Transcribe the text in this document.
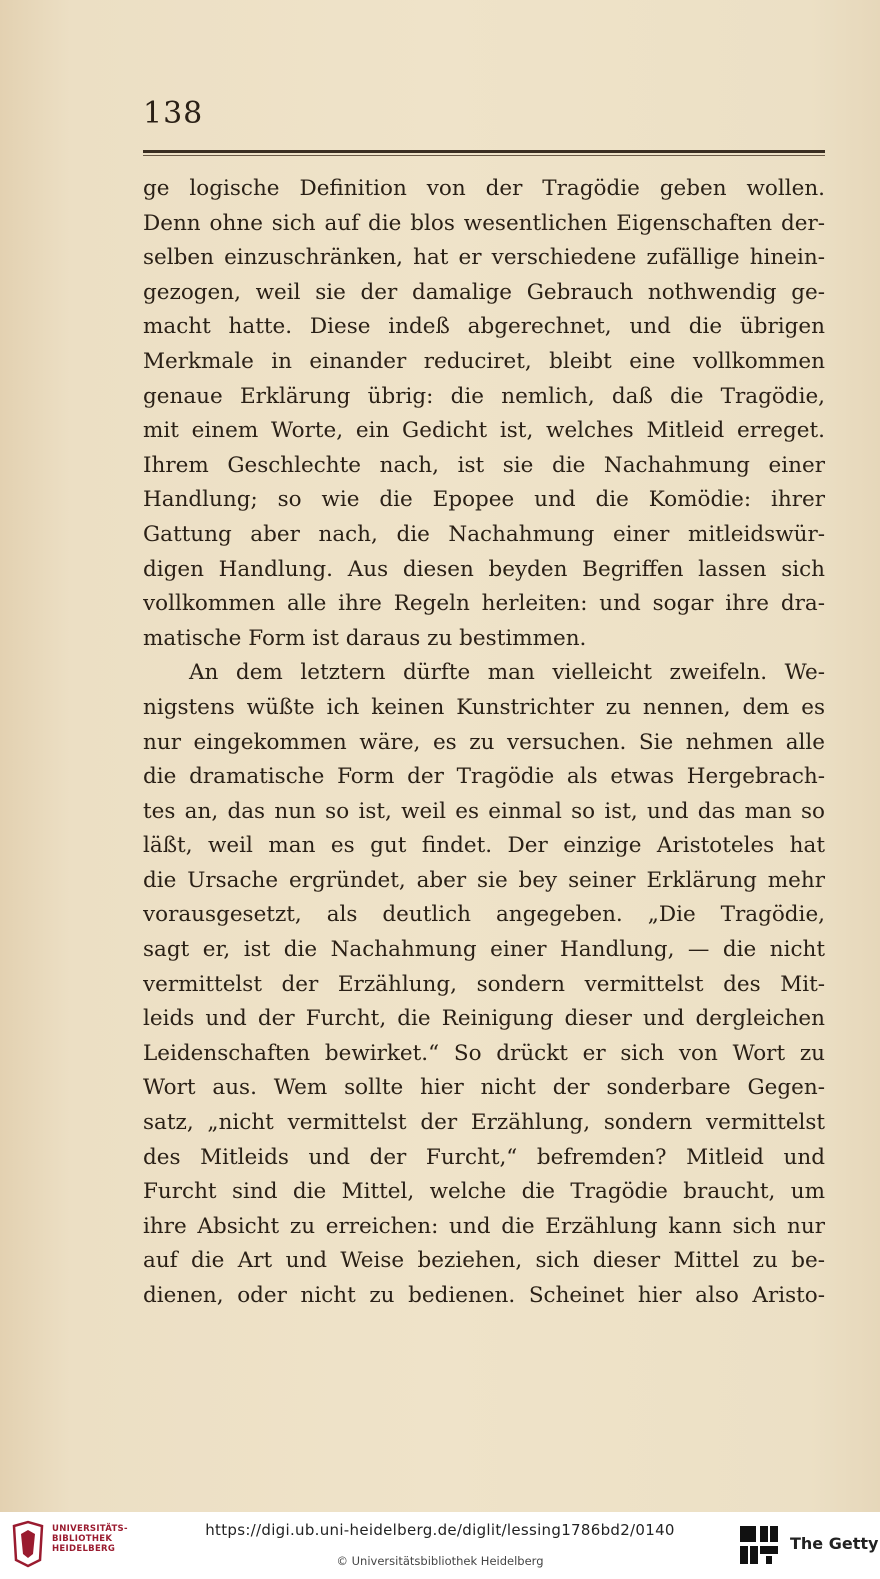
138
ge logische Definition von der Tragödie geben wollen.
Denn ohne sich auf die blos wesentlichen Eigenschaften der-
selben einzuschränken, hat er verschiedene zufällige hinein-
gezogen, weil sie der damalige Gebrauch nothwendig ge-
macht hatte. Diese indeß abgerechnet, und die übrigen
Merkmale in einander reduciret, bleibt eine vollkommen
genaue Erklärung übrig: die nemlich, daß die Tragödie,
mit einem Worte, ein Gedicht ist, welches Mitleid erreget.
Ihrem Geschlechte nach, ist sie die Nachahmung einer
Handlung; so wie die Epopee und die Komödie: ihrer
Gattung aber nach, die Nachahmung einer mitleidswür-
digen Handlung. Aus diesen beyden Begriffen lassen sich
vollkommen alle ihre Regeln herleiten: und sogar ihre dra-
matische Form ist daraus zu bestimmen.
An dem letztern dürfte man vielleicht zweifeln. We-
nigstens wüßte ich keinen Kunstrichter zu nennen, dem es
nur eingekommen wäre, es zu versuchen. Sie nehmen alle
die dramatische Form der Tragödie als etwas Hergebrach-
tes an, das nun so ist, weil es einmal so ist, und das man so
läßt, weil man es gut findet. Der einzige Aristoteles hat
die Ursache ergründet, aber sie bey seiner Erklärung mehr
vorausgesetzt, als deutlich angegeben. „Die Tragödie,
sagt er, ist die Nachahmung einer Handlung, — die nicht
vermittelst der Erzählung, sondern vermittelst des Mit-
leids und der Furcht, die Reinigung dieser und dergleichen
Leidenschaften bewirket.“ So drückt er sich von Wort zu
Wort aus. Wem sollte hier nicht der sonderbare Gegen-
satz, „nicht vermittelst der Erzählung, sondern vermittelst
des Mitleids und der Furcht,“ befremden? Mitleid und
Furcht sind die Mittel, welche die Tragödie braucht, um
ihre Absicht zu erreichen: und die Erzählung kann sich nur
auf die Art und Weise beziehen, sich dieser Mittel zu be-
dienen, oder nicht zu bedienen. Scheinet hier also Aristo-
UNIVERSITÄTS-
BIBLIOTHEK
HEIDELBERG
https://digi.ub.uni-heidelberg.de/diglit/lessing1786bd2/0140
© Universitätsbibliothek Heidelberg
The Getty
